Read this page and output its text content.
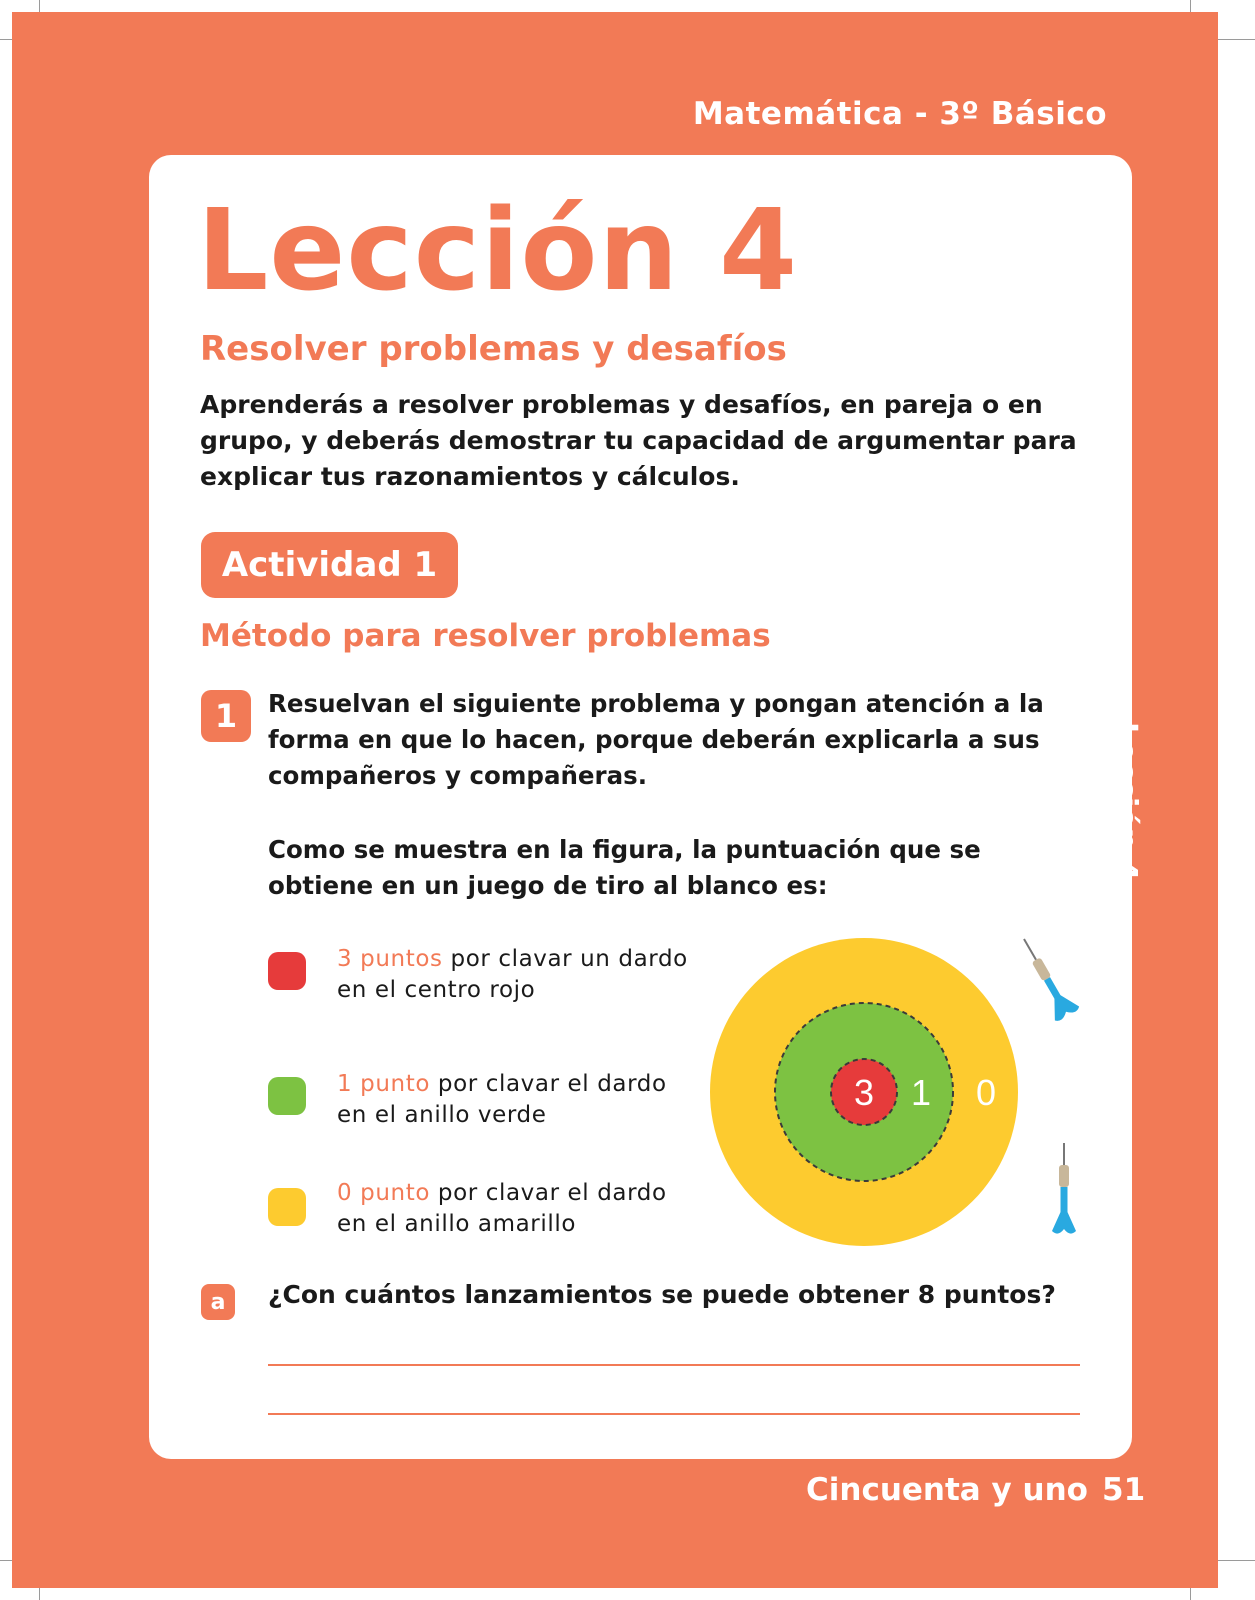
Matemática - 3º Básico
Lección 4
Lección 4
Resolver problemas y desafíos
Aprenderás a resolver problemas y desafíos, en pareja o en grupo, y deberás demostrar tu capacidad de argumentar para explicar tus razonamientos y cálculos.
Actividad 1
Método para resolver problemas
1	Resuelvan el siguiente problema y pongan atención a la forma en que lo hacen, porque deberán explicarla a sus compañeros y compañeras.
Como se muestra en la figura, la puntuación que se obtiene en un juego de tiro al blanco es:
3 puntos por clavar un dardo en el centro rojo
1 punto por clavar el dardo en el anillo verde
0 punto por clavar el dardo en el anillo amarillo
3 1 0
a	¿Con cuántos lanzamientos se puede obtener 8 puntos?
Cincuenta y uno 51
